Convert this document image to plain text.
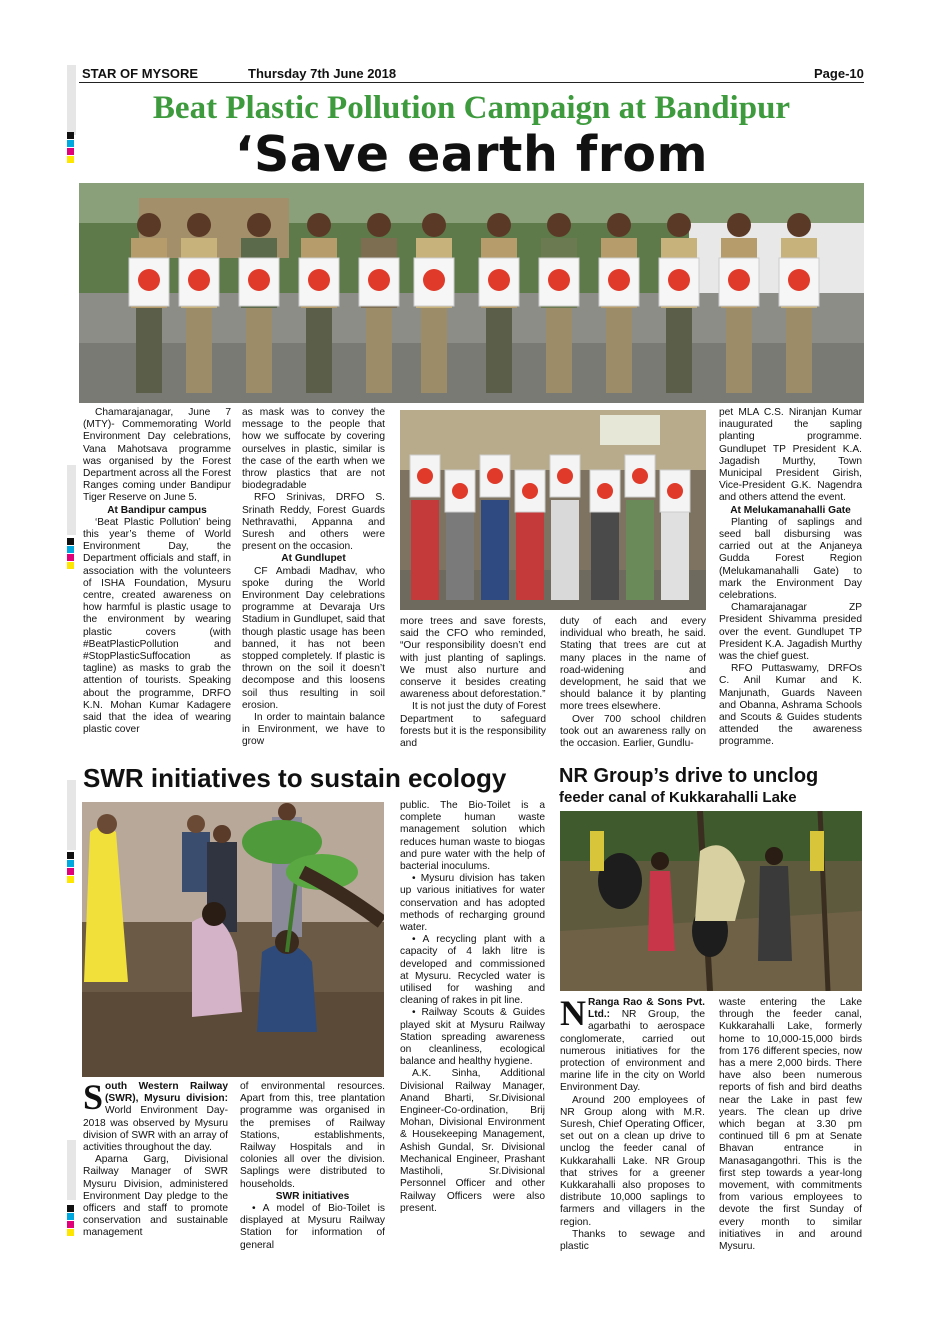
STAR OF MYSORE	Thursday 7th June 2018	Page-10
Beat Plastic Pollution Campaign at Bandipur
‘Save earth from

Chamarajanagar, June 7 (MTY)- Commemorating World Environment Day celebrations, Vana Mahotsava programme was organised by the Forest Department across all the Forest Ranges coming under Bandipur Tiger Reserve on June 5.

At Bandipur campus

‘Beat Plastic Pollution’ being this year’s theme of World Environment Day, the Department officials and staff, in association with the volunteers of ISHA Foundation, Mysuru centre, created awareness on how harmful is plastic usage to the environment by wearing plastic covers (with #BeatPlasticPollution and #StopPlasticSuffocation as tagline) as masks to grab the attention of tourists. Speaking about the programme, DRFO K.N. Mohan Kumar Kadagere said that the idea of wearing plastic cover

as mask was to convey the message to the people that how we suffocate by covering ourselves in plastic, similar is the case of the earth when we throw plastics that are not biodegradable

RFO Srinivas, DRFO S. Srinath Reddy, Forest Guards Nethravathi, Appanna and Suresh and others were present on the occasion.

At Gundlupet

CF Ambadi Madhav, who spoke during the World Environment Day celebrations programme at Devaraja Urs Stadium in Gundlupet, said that though plastic usage has been banned, it has not been stopped completely. If plastic is thrown on the soil it doesn’t decompose and this loosens soil thus resulting in soil erosion.

In order to maintain balance in Environment, we have to grow

more trees and save forests, said the CFO who reminded, “Our responsibility doesn’t end with just planting of saplings. We must also nurture and conserve it besides creating awareness about deforestation.”

It is not just the duty of Forest Department to safeguard forests but it is the responsibility and

duty of each and every individual who breath, he said. Stating that trees are cut at many places in the name of road-widening and development, he said that we should balance it by planting more trees elsewhere.

Over 700 school children took out an awareness rally on the occasion. Earlier, Gundlu-

pet MLA C.S. Niranjan Kumar inaugurated the sapling planting programme. Gundlupet TP President K.A. Jagadish Murthy, Town Municipal President Girish, Vice-President G.K. Nagendra and others attend the event.

At Melukamanahalli Gate

Planting of saplings and seed ball disbursing was carried out at the Anjaneya Gudda Forest Region (Melukamanahalli Gate) to mark the Environment Day celebrations.

Chamarajanagar ZP President Shivamma presided over the event. Gundlupet TP President K.A. Jagadish Murthy was the chief guest.

RFO Puttaswamy, DRFOs C. Anil Kumar and K. Manjunath, Guards Naveen and Obanna, Ashrama Schools and Scouts & Guides students attended the awareness programme.

SWR initiatives to sustain ecology

South Western Railway (SWR), Mysuru division: World Environment Day-2018 was observed by Mysuru division of SWR with an array of activities throughout the day.

Aparna Garg, Divisional Railway Manager of SWR Mysuru Division, administered Environment Day pledge to the officers and staff to promote conservation and sustainable management

of environmental resources. Apart from this, tree plantation programme was organised in the premises of Railway Stations, establishments, Railway Hospitals and in colonies all over the division. Saplings were distributed to households.

SWR initiatives

• A model of Bio-Toilet is displayed at Mysuru Railway Station for information of general

public. The Bio-Toilet is a complete human waste management solution which reduces human waste to biogas and pure water with the help of bacterial inoculums.

• Mysuru division has taken up various initiatives for water conservation and has adopted methods of recharging ground water.

• A recycling plant with a capacity of 4 lakh litre is developed and commissioned at Mysuru. Recycled water is utilised for washing and cleaning of rakes in pit line.

• Railway Scouts & Guides played skit at Mysuru Railway Station spreading awareness on cleanliness, ecological balance and healthy hygiene.

A.K. Sinha, Additional Divisional Railway Manager, Anand Bharti, Sr.Divisional Engineer-Co-ordination, Brij Mohan, Divisional Environment & Housekeeping Management, Ashish Gundal, Sr. Divisional Mechanical Engineer, Prashant Mastiholi, Sr.Divisional Personnel Officer and other Railway Officers were also present.

NR Group’s drive to unclog
feeder canal of Kukkarahalli Lake

N Ranga Rao & Sons Pvt. Ltd.: NR Group, the agarbathi to aerospace conglomerate, carried out numerous initiatives for the protection of environment and marine life in the city on World Environment Day.

Around 200 employees of NR Group along with M.R. Suresh, Chief Operating Officer, set out on a clean up drive to unclog the feeder canal of Kukkarahalli Lake. NR Group that strives for a greener Kukkarahalli also proposes to distribute 10,000 saplings to farmers and villagers in the region.

Thanks to sewage and plastic

waste entering the Lake through the feeder canal, Kukkarahalli Lake, formerly home to 10,000-15,000 birds from 176 different species, now has a mere 2,000 birds. There have also been numerous reports of fish and bird deaths near the Lake in past few years. The clean up drive which began at 3.30 pm continued till 6 pm at Senate Bhavan entrance in Manasagangothri. This is the first step towards a year-long movement, with commitments from various employees to devote the first Sunday of every month to similar initiatives in and around Mysuru.
